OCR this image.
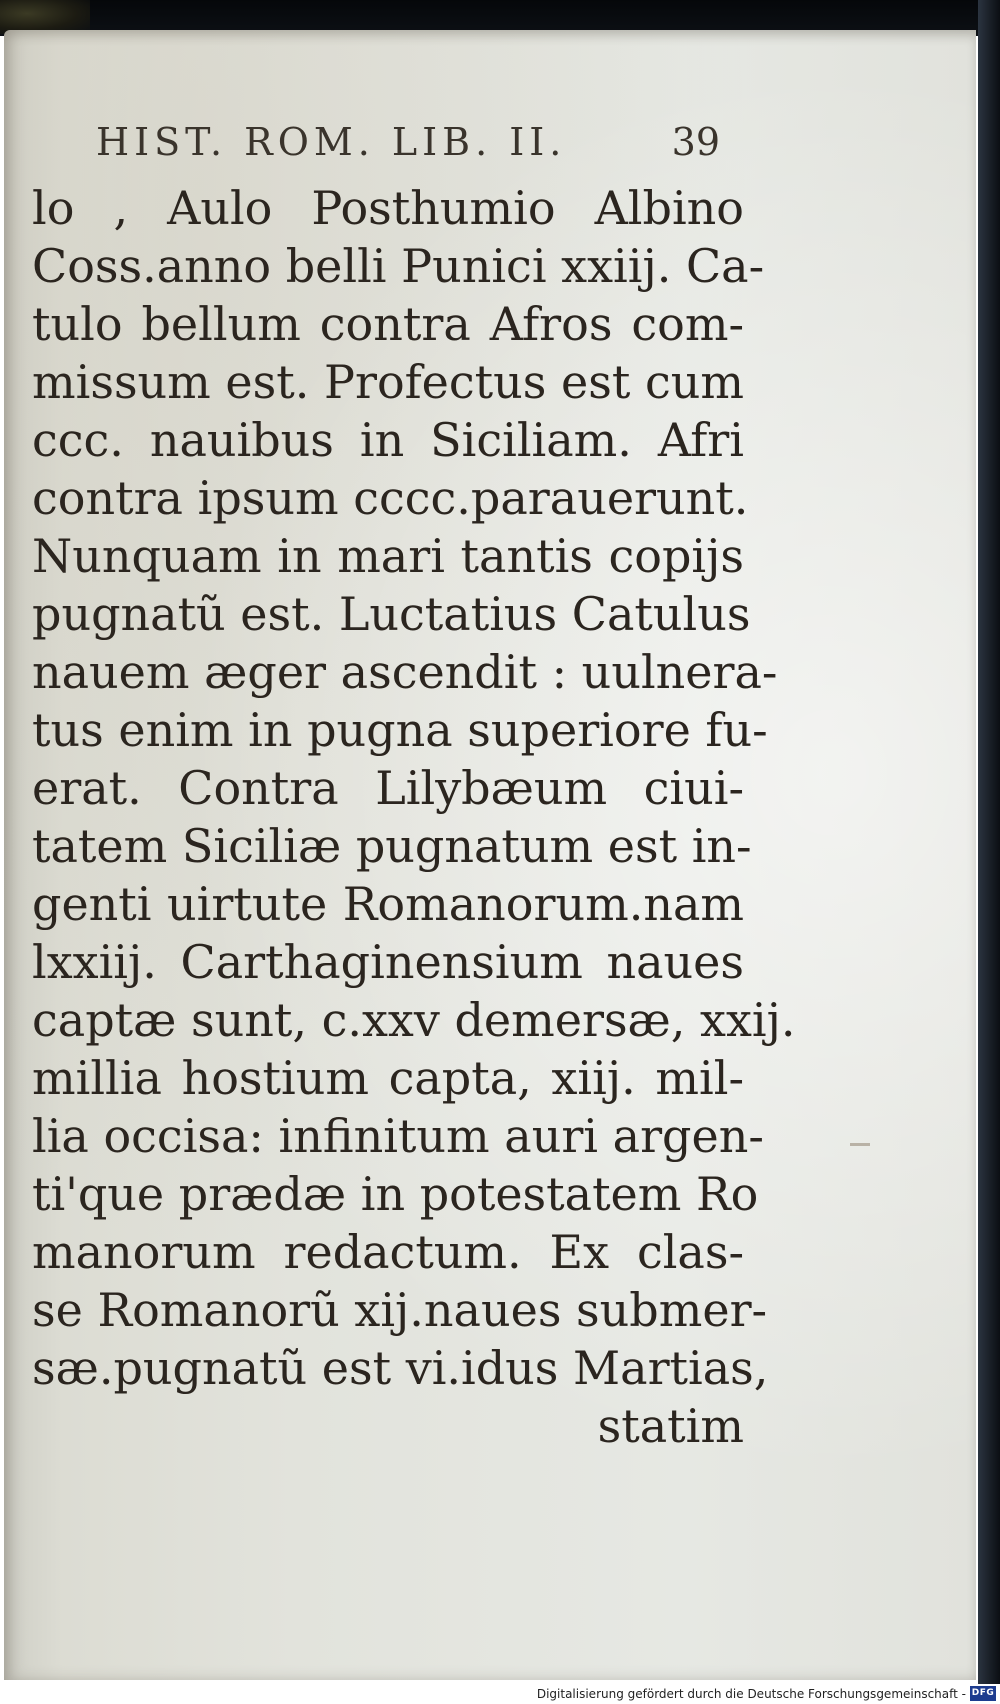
HIST. ROM. LIB. II.	39
lo , Aulo Posthumio Albino
Coss.anno belli Punici xxiij. Ca-
tulo bellum contra Afros com-
missum est. Profectus est cum
ccc. nauibus in Siciliam. Afri
contra ipsum cccc.parauerunt.
Nunquam in mari tantis copijs
pugnatũ est. Luctatius Catulus
nauem æger ascendit : uulnera-
tus enim in pugna superiore fu-
erat. Contra Lilybæum ciui-
tatem Siciliæ pugnatum est in-
genti uirtute Romanorum.nam
lxxiij. Carthaginensium naues
captæ sunt, c.xxv demersæ, xxij.
millia hostium capta, xiij. mil-
lia occisa: infinitum auri argen-
ti'que prædæ in potestatem Ro
manorum redactum. Ex clas-
se Romanorũ xij.naues submer-
sæ.pugnatũ est vi.idus Martias,
statim
Digitalisierung gefördert durch die Deutsche Forschungsgemeinschaft - DFG
